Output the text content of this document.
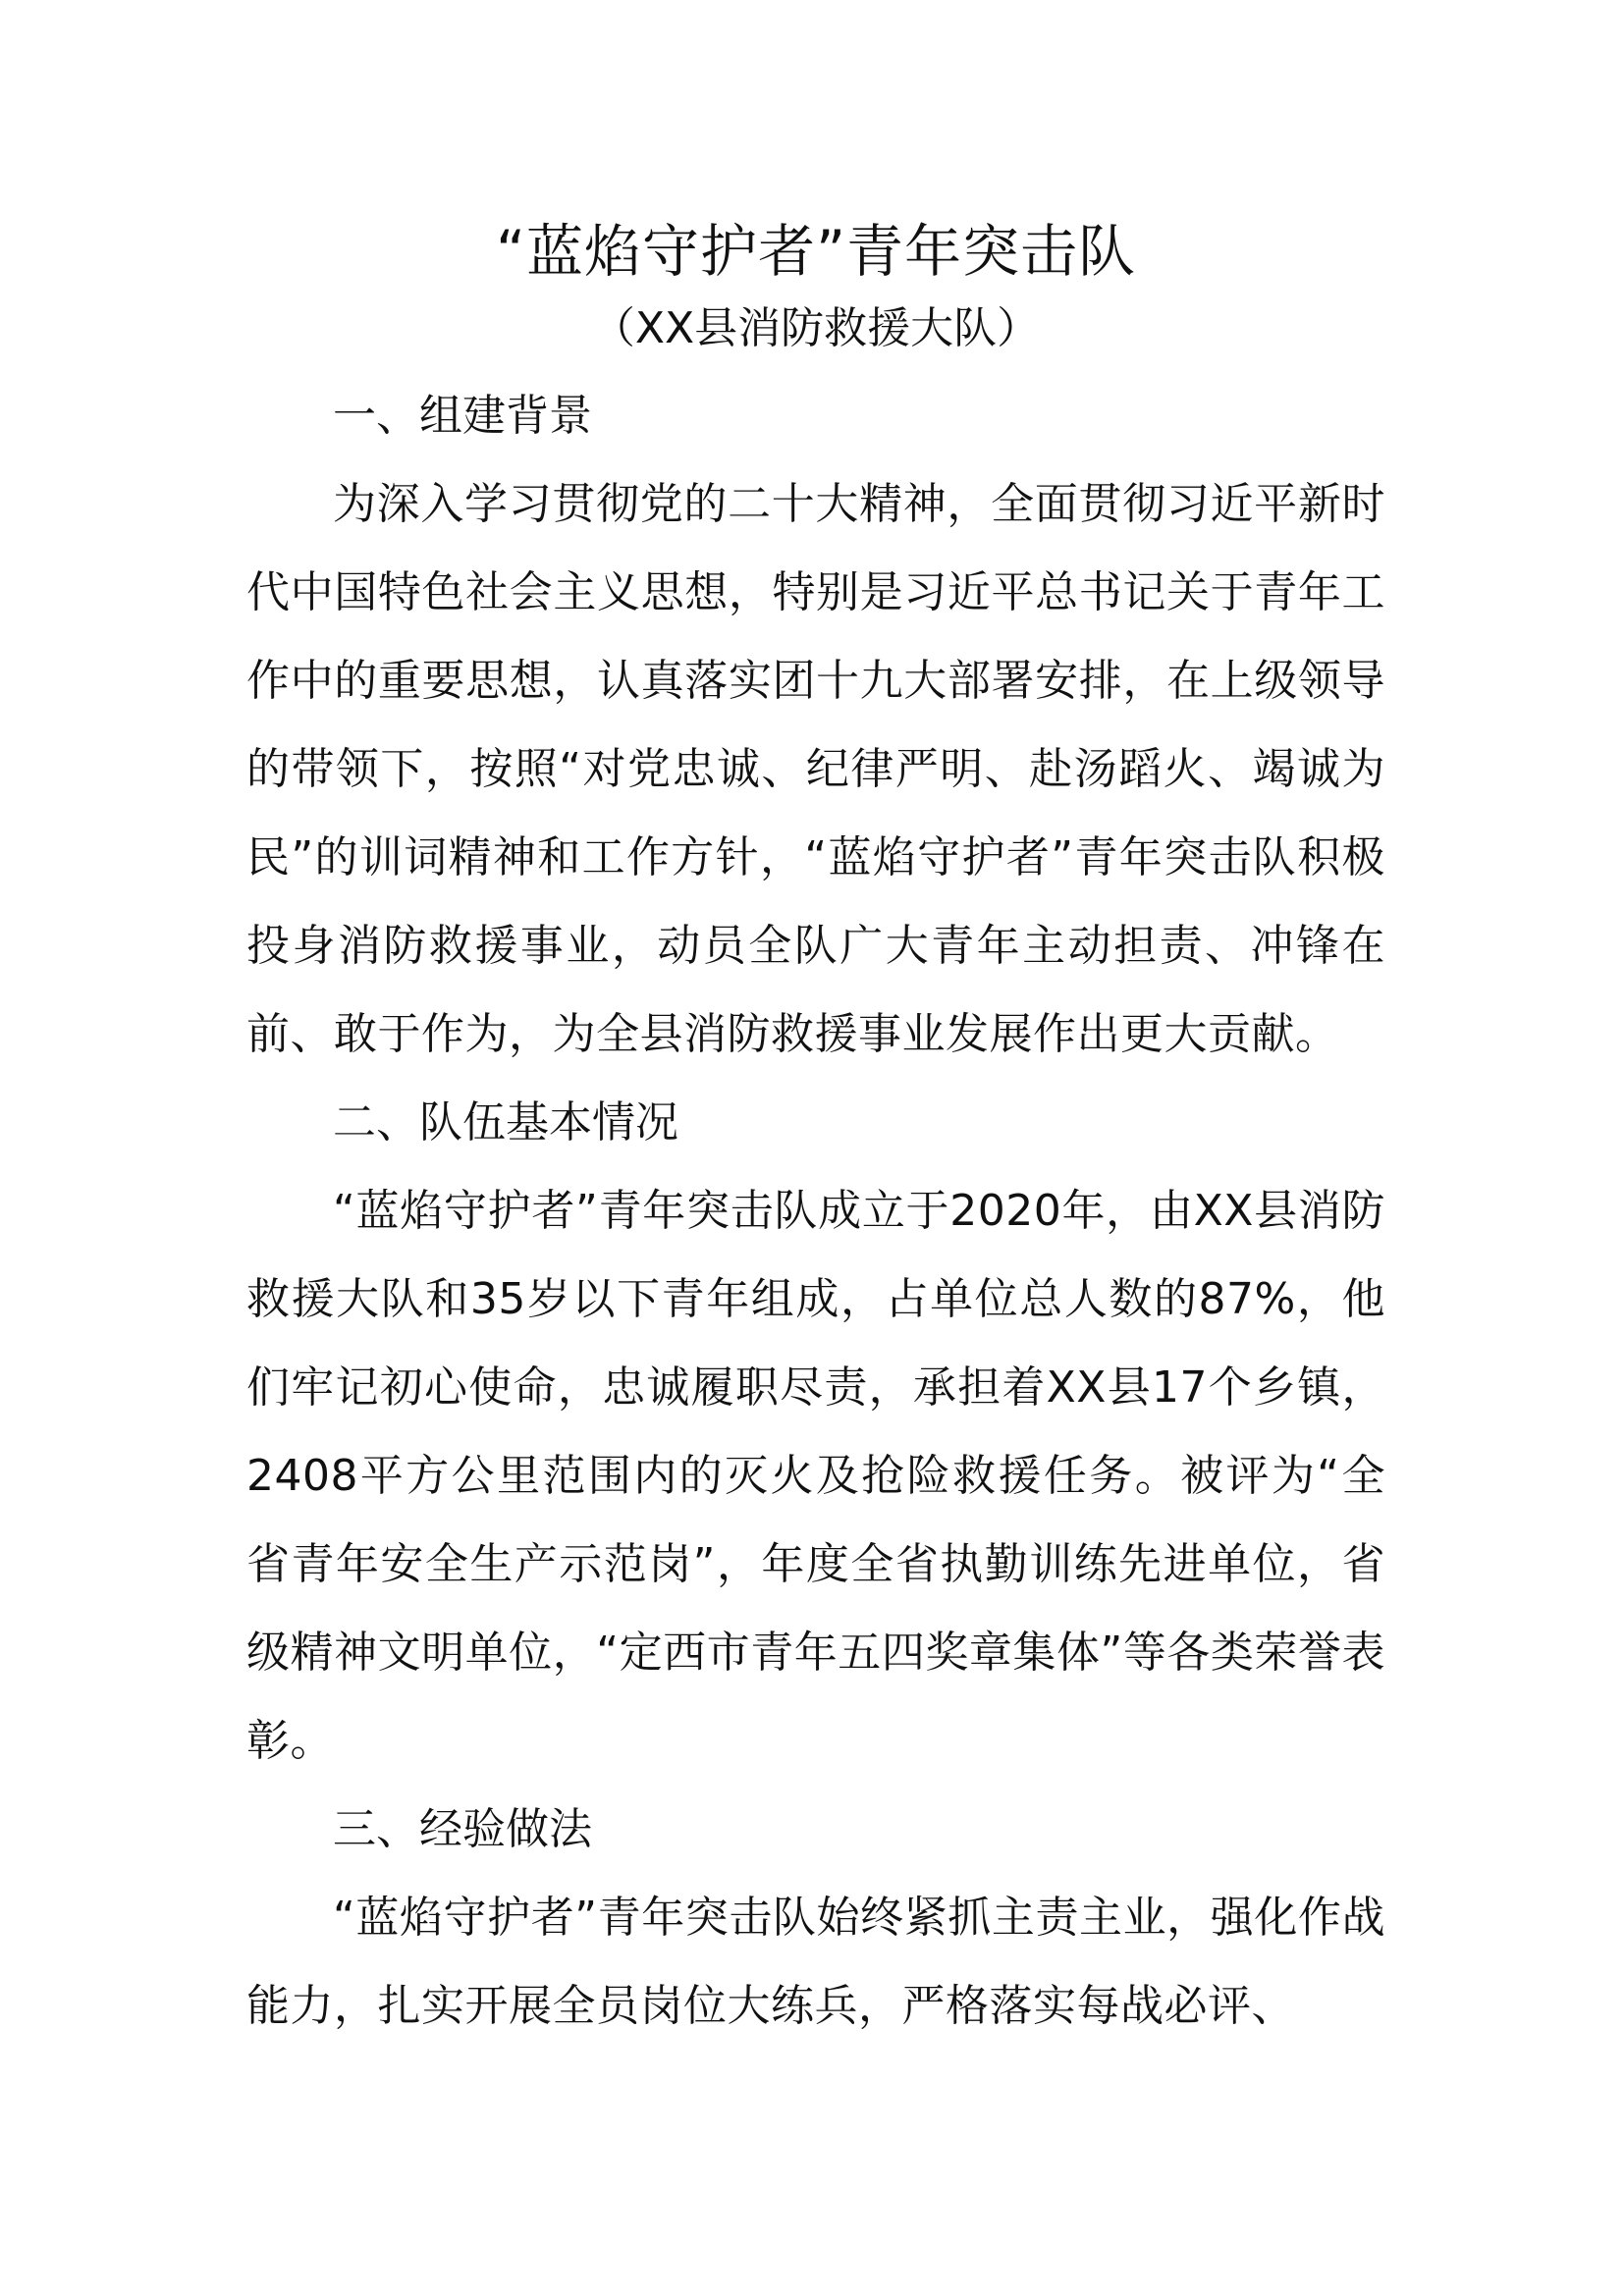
“蓝焰守护者”青年突击队

（XX县消防救援大队）

一、组建背景

为深入学习贯彻党的二十大精神，全面贯彻习近平新时代中国特色社会主义思想，特别是习近平总书记关于青年工作中的重要思想，认真落实团十九大部署安排，在上级领导的带领下，按照“对党忠诚、纪律严明、赴汤蹈火、竭诚为民”的训词精神和工作方针，“蓝焰守护者”青年突击队积极投身消防救援事业，动员全队广大青年主动担责、冲锋在前、敢于作为，为全县消防救援事业发展作出更大贡献。

二、队伍基本情况

“蓝焰守护者”青年突击队成立于2020年，由XX县消防救援大队和35岁以下青年组成，占单位总人数的87%，他们牢记初心使命，忠诚履职尽责，承担着XX县17个乡镇，2408平方公里范围内的灭火及抢险救援任务。被评为“全省青年安全生产示范岗”，年度全省执勤训练先进单位，省级精神文明单位，“定西市青年五四奖章集体”等各类荣誉表彰。

三、经验做法

“蓝焰守护者”青年突击队始终紧抓主责主业，强化作战能力，扎实开展全员岗位大练兵，严格落实每战必评、
